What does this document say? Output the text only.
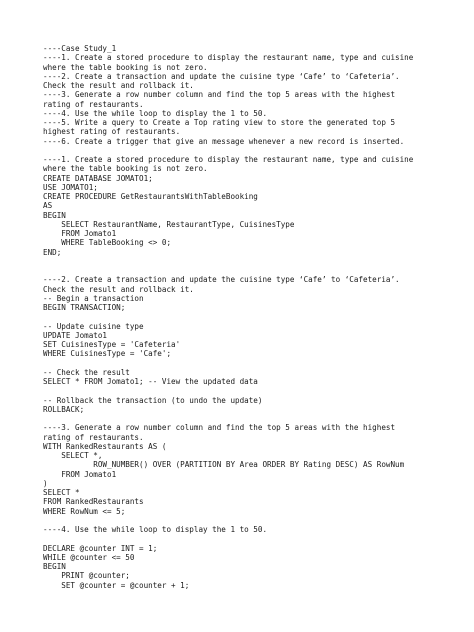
----Case Study_1
----1. Create a stored procedure to display the restaurant name, type and cuisine
where the table booking is not zero.
----2. Create a transaction and update the cuisine type ‘Cafe’ to ‘Cafeteria’.
Check the result and rollback it.
----3. Generate a row number column and find the top 5 areas with the highest
rating of restaurants.
----4. Use the while loop to display the 1 to 50.
----5. Write a query to Create a Top rating view to store the generated top 5
highest rating of restaurants.
----6. Create a trigger that give an message whenever a new record is inserted.
----1. Create a stored procedure to display the restaurant name, type and cuisine
where the table booking is not zero.
CREATE DATABASE JOMATO1;
USE JOMATO1;
CREATE PROCEDURE GetRestaurantsWithTableBooking
AS
BEGIN
SELECT RestaurantName, RestaurantType, CuisinesType
FROM Jomato1
WHERE TableBooking <> 0;
END;
----2. Create a transaction and update the cuisine type ‘Cafe’ to ‘Cafeteria’.
Check the result and rollback it.
-- Begin a transaction
BEGIN TRANSACTION;
-- Update cuisine type
UPDATE Jomato1
SET CuisinesType = 'Cafeteria'
WHERE CuisinesType = 'Cafe';
-- Check the result
SELECT * FROM Jomato1; -- View the updated data
-- Rollback the transaction (to undo the update)
ROLLBACK;
----3. Generate a row number column and find the top 5 areas with the highest
rating of restaurants.
WITH RankedRestaurants AS (
SELECT *,
ROW_NUMBER() OVER (PARTITION BY Area ORDER BY Rating DESC) AS RowNum
FROM Jomato1
)
SELECT *
FROM RankedRestaurants
WHERE RowNum <= 5;
----4. Use the while loop to display the 1 to 50.
DECLARE @counter INT = 1;
WHILE @counter <= 50
BEGIN
PRINT @counter;
SET @counter = @counter + 1;
